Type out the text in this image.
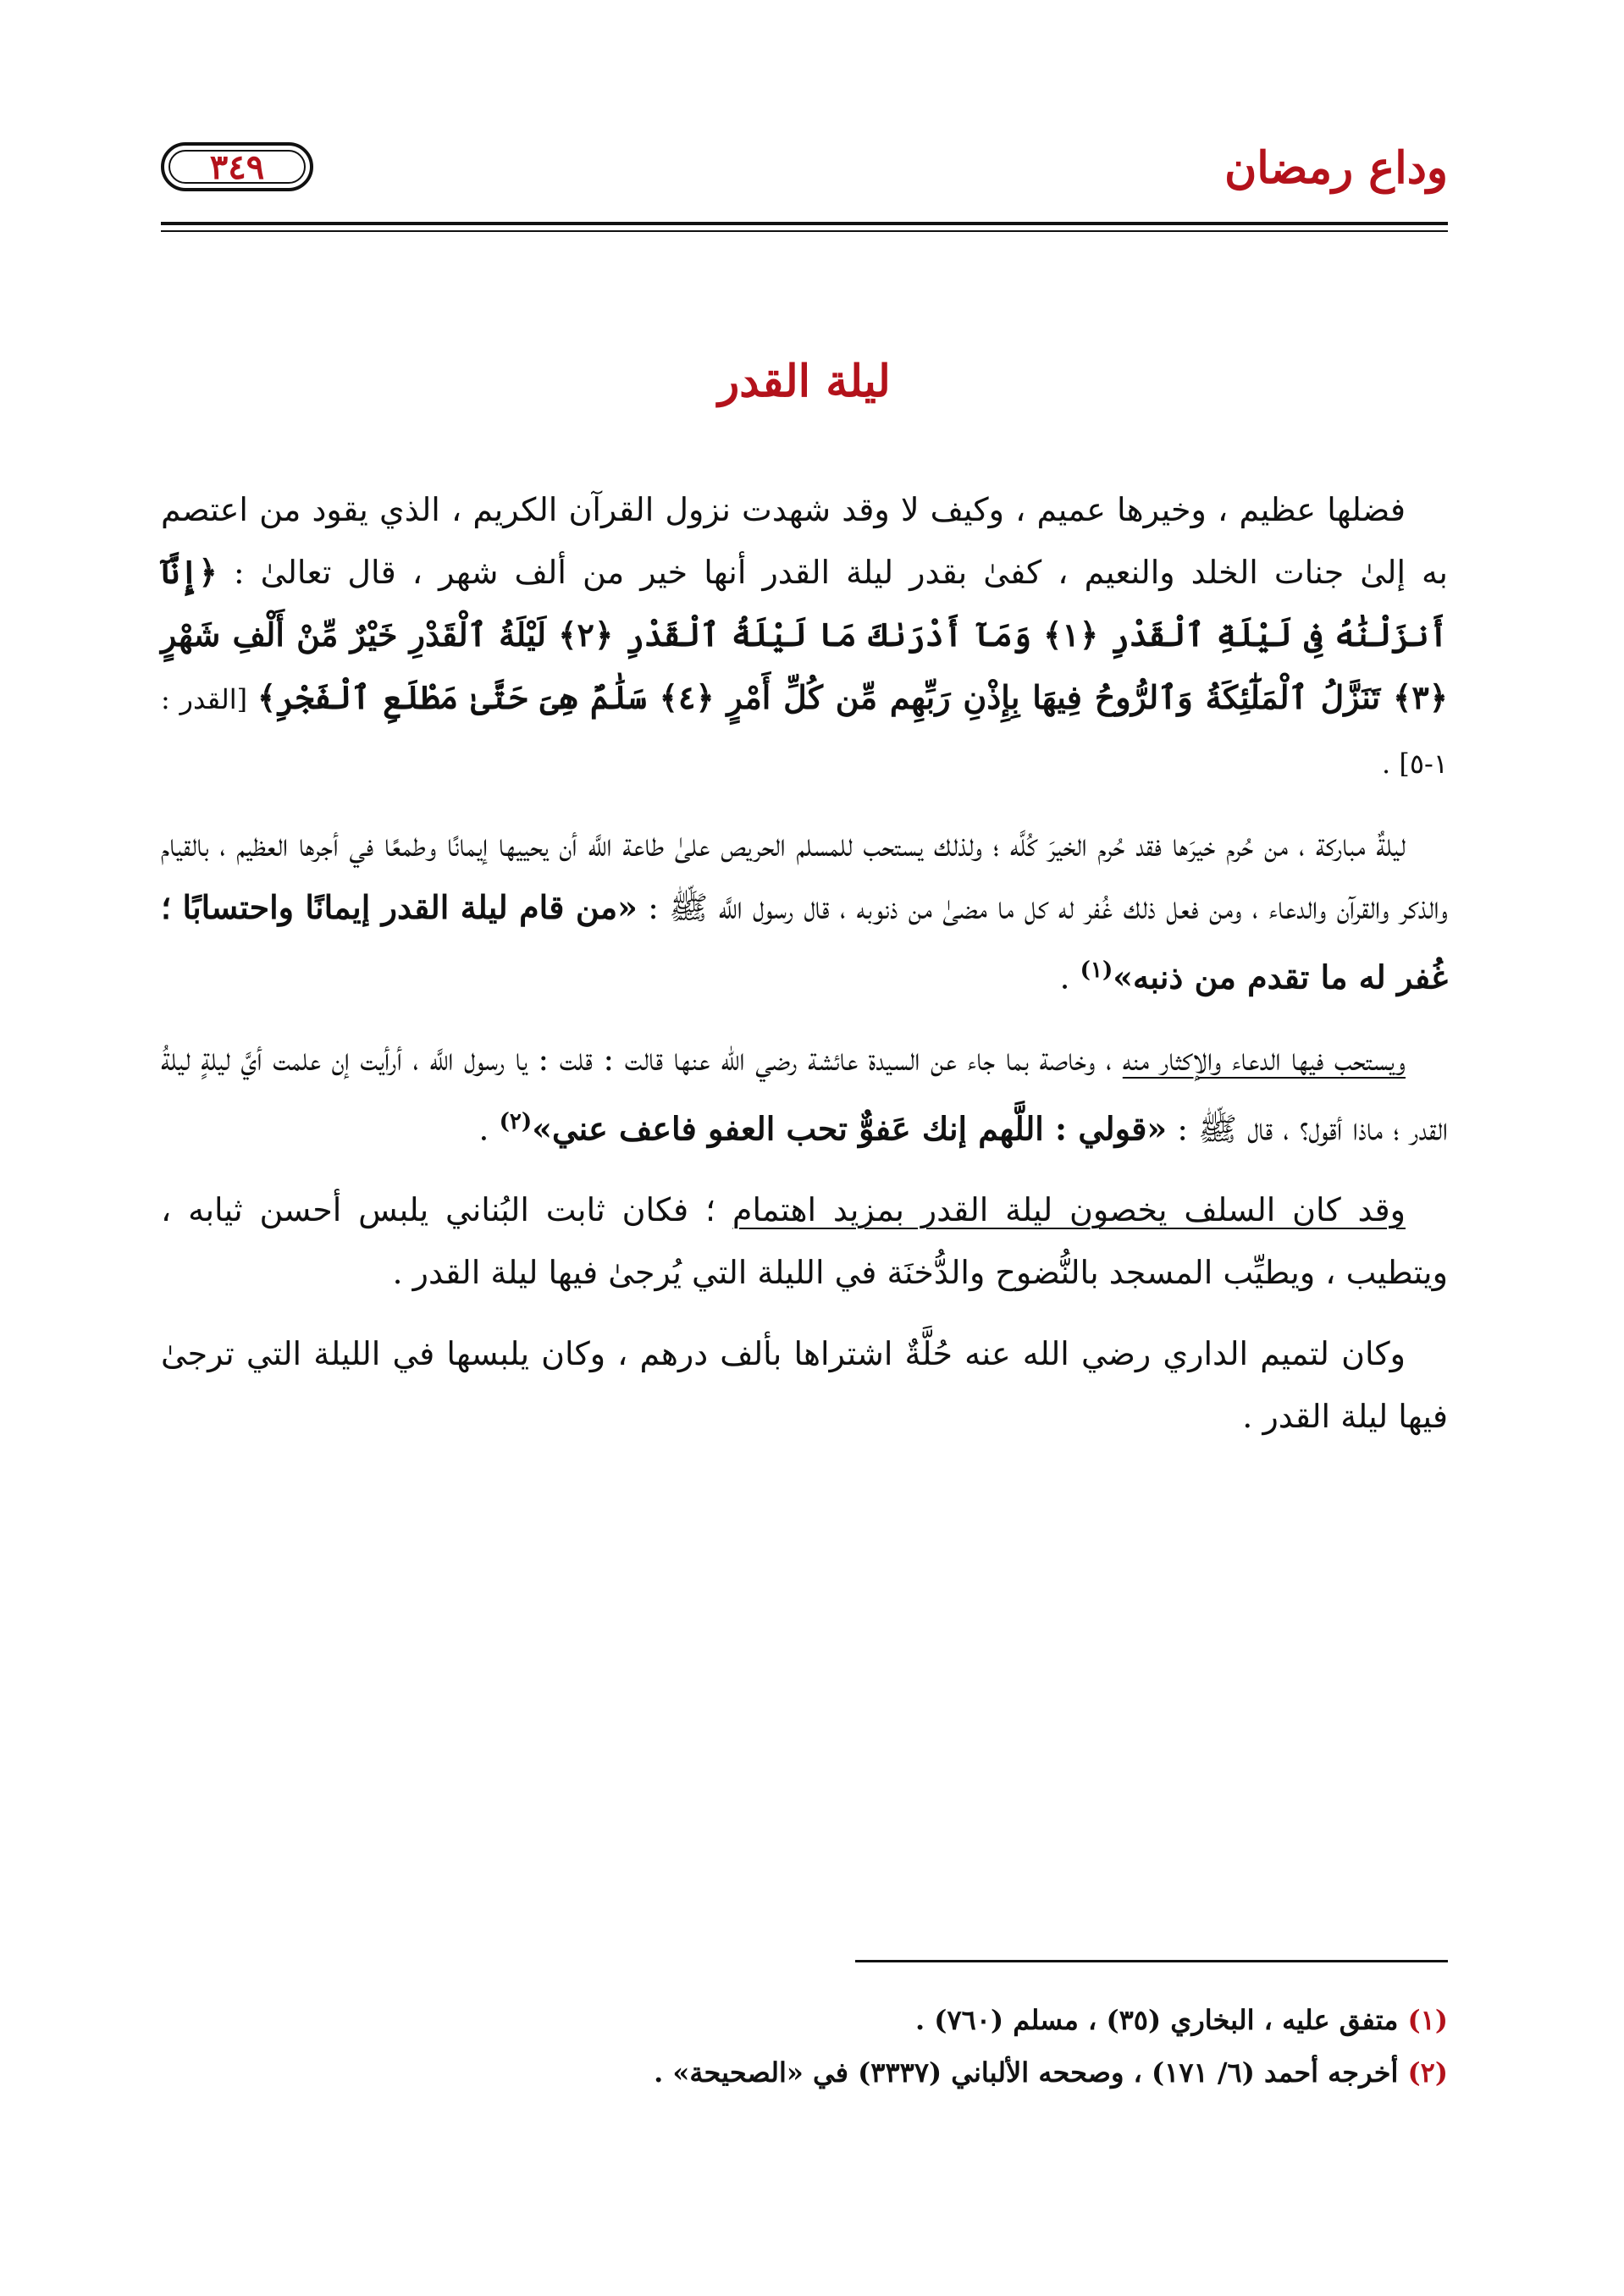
وداع رمضان
٣٤٩
ليلة القدر

فضلها عظيم ، وخيرها عميم ، وكيف لا وقد شهدت نزول القرآن الكريم ، الذي يقود من اعتصم به إلىٰ جنات الخلد والنعيم ، كفىٰ بقدر ليلة القدر أنها خير من ألف شهر ، قال تعالىٰ : ﴿إِنَّآ أَنزَلْنَٰهُ فِى لَيْلَةِ ٱلْقَدْرِ ﴿١﴾ وَمَآ أَدْرَىٰكَ مَا لَيْلَةُ ٱلْقَدْرِ ﴿٢﴾ لَيْلَةُ ٱلْقَدْرِ خَيْرٌ مِّنْ أَلْفِ شَهْرٍ ﴿٣﴾ تَنَزَّلُ ٱلْمَلَٰٓئِكَةُ وَٱلرُّوحُ فِيهَا بِإِذْنِ رَبِّهِم مِّن كُلِّ أَمْرٍ ﴿٤﴾ سَلَٰمٌ هِىَ حَتَّىٰ مَطْلَعِ ٱلْفَجْرِ﴾ [القدر : ١-٥] .

ليلةٌ مباركة ، من حُرم خيرَها فقد حُرم الخيرَ كُلَّه ؛ ولذلك يستحب للمسلم الحريص علىٰ طاعة اللَّه أن يحييها إيمانًا وطمعًا في أجرها العظيم ، بالقيام والذكر والقرآن والدعاء ، ومن فعل ذلك غُفر له كل ما مضىٰ من ذنوبه ، قال رسول اللَّه ﷺ : «من قام ليلة القدر إيمانًا واحتسابًا ؛ غُفر له ما تقدم من ذنبه»$^{(١)}$ .

ويستحب فيها الدعاء والإكثار منه ، وخاصة بما جاء عن السيدة عائشة رضي الله عنها قالت : قلت : يا رسول اللَّه ، أرأيت إن علمت أيَّ ليلةٍ ليلةُ القدر ؛ ماذا أقول؟ ، قال ﷺ : «قولي : اللَّهم إنك عَفوٌّ تحب العفو فاعف عني»$^{(٢)}$ .

وقد كان السلف يخصون ليلة القدر بمزيد اهتمام ؛ فكان ثابت البُناني يلبس أحسن ثيابه ، ويتطيب ، ويطيِّب المسجد بالنُّضوح والدُّخنَة في الليلة التي يُرجىٰ فيها ليلة القدر .

وكان لتميم الداري رضي الله عنه حُلَّةٌ اشتراها بألف درهم ، وكان يلبسها في الليلة التي ترجىٰ فيها ليلة القدر .

(١) متفق عليه ، البخاري (٣٥) ، مسلم (٧٦٠) .
(٢) أخرجه أحمد (٦/ ١٧١) ، وصححه الألباني (٣٣٣٧) في «الصحيحة» .
